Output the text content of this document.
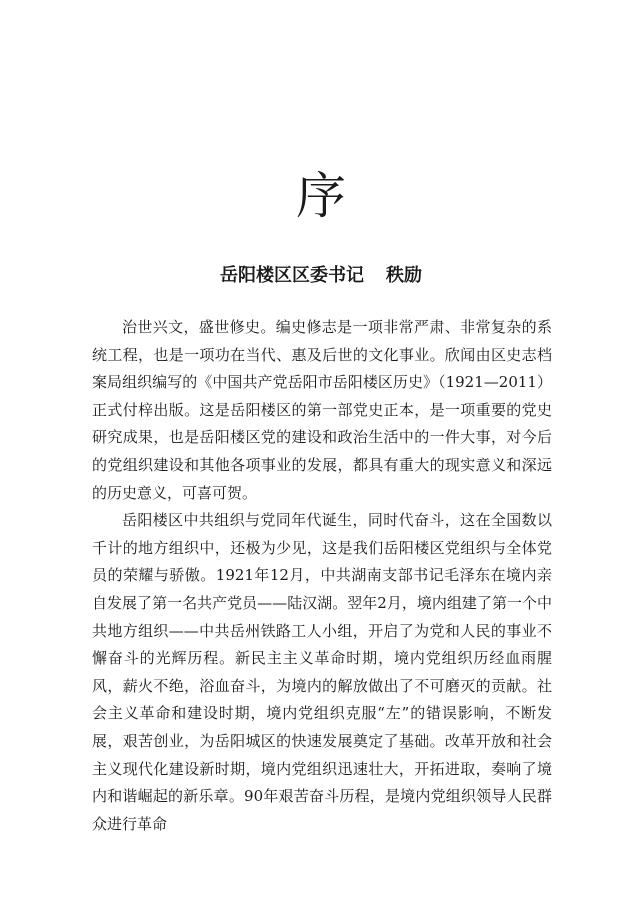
序
岳阳楼区区委书记 秩励

治世兴文，盛世修史。编史修志是一项非常严肃、非常复杂的系统工程，也是一项功在当代、惠及后世的文化事业。欣闻由区史志档案局组织编写的《中国共产党岳阳市岳阳楼区历史》（1921—2011）正式付梓出版。这是岳阳楼区的第一部党史正本，是一项重要的党史研究成果，也是岳阳楼区党的建设和政治生活中的一件大事，对今后的党组织建设和其他各项事业的发展，都具有重大的现实意义和深远的历史意义，可喜可贺。

岳阳楼区中共组织与党同年代诞生，同时代奋斗，这在全国数以千计的地方组织中，还极为少见，这是我们岳阳楼区党组织与全体党员的荣耀与骄傲。1921年12月，中共湖南支部书记毛泽东在境内亲自发展了第一名共产党员——陆汉湖。翌年2月，境内组建了第一个中共地方组织——中共岳州铁路工人小组，开启了为党和人民的事业不懈奋斗的光辉历程。新民主主义革命时期，境内党组织历经血雨腥风，薪火不绝，浴血奋斗，为境内的解放做出了不可磨灭的贡献。社会主义革命和建设时期，境内党组织克服“左”的错误影响，不断发展，艰苦创业，为岳阳城区的快速发展奠定了基础。改革开放和社会主义现代化建设新时期，境内党组织迅速壮大，开拓进取，奏响了境内和谐崛起的新乐章。90年艰苦奋斗历程，是境内党组织领导人民群众进行革命
